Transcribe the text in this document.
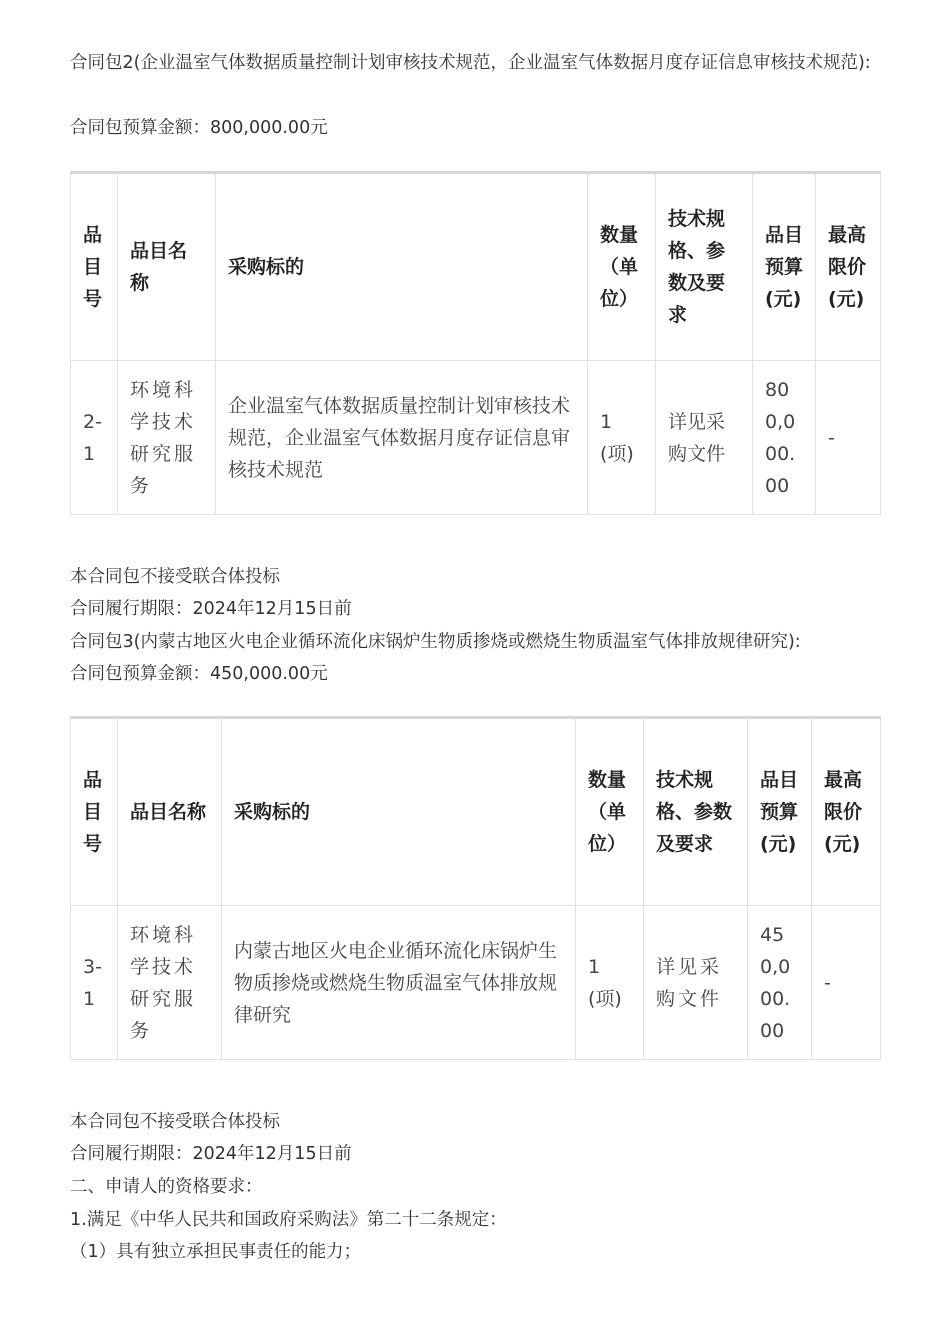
合同包2(企业温室气体数据质量控制计划审核技术规范，企业温室气体数据月度存证信息审核技术规范):

合同包预算金额：800,000.00元

品目号	品目名称	采购标的	数量（单位）	技术规格、参数及要求	品目预算(元)	最高限价(元)
2-1	环境科学技术研究服务	企业温室气体数据质量控制计划审核技术规范，企业温室气体数据月度存证信息审核技术规范	1(项)	详见采购文件	800,000.00	-

本合同包不接受联合体投标

合同履行期限：2024年12月15日前

合同包3(内蒙古地区火电企业循环流化床锅炉生物质掺烧或燃烧生物质温室气体排放规律研究):

合同包预算金额：450,000.00元

品目号	品目名称	采购标的	数量（单位）	技术规格、参数及要求	品目预算(元)	最高限价(元)
3-1	环境科学技术研究服务	内蒙古地区火电企业循环流化床锅炉生物质掺烧或燃烧生物质温室气体排放规律研究	1(项)	详见采购文件	450,000.00	-

本合同包不接受联合体投标

合同履行期限：2024年12月15日前

二、申请人的资格要求：

1.满足《中华人民共和国政府采购法》第二十二条规定：

（1）具有独立承担民事责任的能力；
